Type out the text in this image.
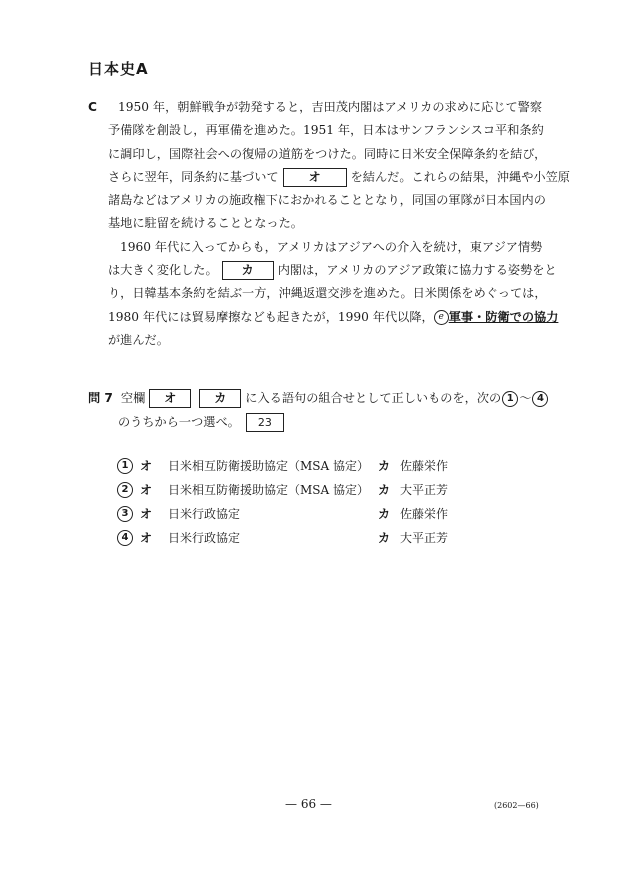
日本史A
C	1950 年，朝鮮戦争が勃発すると，吉田茂内閣はアメリカの求めに応じて警察
予備隊を創設し，再軍備を進めた。1951 年，日本はサンフランシスコ平和条約
に調印し，国際社会への復帰の道筋をつけた。同時に日米安全保障条約を結び，
さらに翌年，同条約に基づいて オ を結んだ。これらの結果，沖縄や小笠原
諸島などはアメリカの施政権下におかれることとなり，同国の軍隊が日本国内の
基地に駐留を続けることとなった。
1960 年代に入ってからも，アメリカはアジアへの介入を続け，東アジア情勢
は大きく変化した。 カ 内閣は，アメリカのアジア政策に協力する姿勢をと
り，日韓基本条約を結ぶ一方，沖縄返還交渉を進めた。日米関係をめぐっては，
1980 年代には貿易摩擦なども起きたが，1990 年代以降， e 軍事・防衛での協力
が進んだ。
問 7 空欄 オ	カ に入る語句の組合せとして正しいものを，次の 1 ～ 4
のうちから一つ選べ。 23
1 オ 日米相互防衛援助協定（MSA 協定） カ 佐藤栄作
2 オ 日米相互防衛援助協定（MSA 協定） カ 大平正芳
3 オ 日米行政協定	カ 佐藤栄作
4 オ 日米行政協定	カ 大平正芳
— 66 —	(2602—66)
